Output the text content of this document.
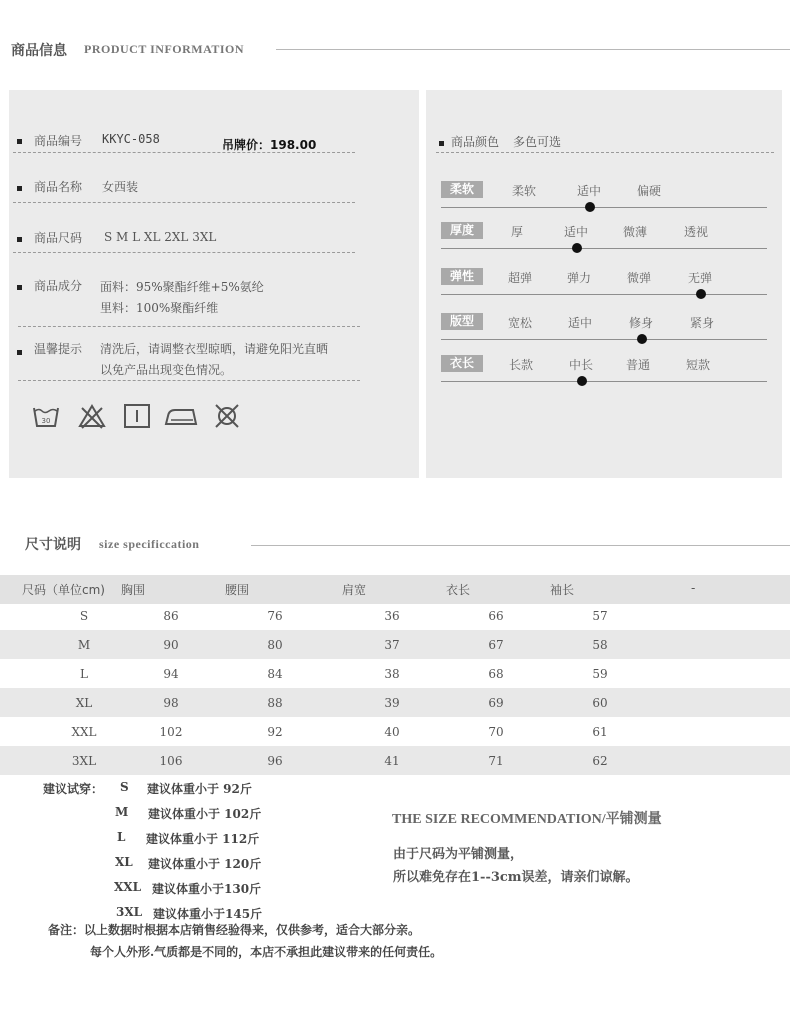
商品信息 PRODUCT INFORMATION
商品编号 KKYC-058	吊牌价：198.00
商品名称 女西装
商品尺码 S M L XL 2XL 3XL
商品成分 面料：95%聚酯纤维+5%氨纶
里料：100%聚酯纤维
温馨提示 清洗后，请调整衣型晾晒，请避免阳光直晒
以免产品出现变色情况。
30
商品颜色 多色可选
柔软	柔软	适中	偏硬
厚度	厚	适中	微薄	透视
弹性	超弹	弹力	微弹	无弹
版型	宽松	适中	修身	紧身
衣长	长款	中长	普通	短款
尺寸说明 size specificcation
尺码（单位cm) 胸围	腰围	肩宽	衣长	袖长	-
S	86	76	36	66	57
M	90	80	37	67	58
L	94	84	38	68	59
XL	98	88	39	69	60
XXL	102	92	40	70	61
3XL	106	96	41	71	62
建议试穿： S 建议体重小于 92斤
M 建议体重小于 102斤
L 建议体重小于 112斤
XL 建议体重小于 120斤
XXL 建议体重小于130斤
3XL 建议体重小于145斤
THE SIZE RECOMMENDATION/平铺测量
由于尺码为平铺测量，
所以难免存在1--3cm误差，请亲们谅解。
备注：以上数据时根据本店销售经验得来，仅供参考，适合大部分亲。
每个人外形.气质都是不同的，本店不承担此建议带来的任何责任。
